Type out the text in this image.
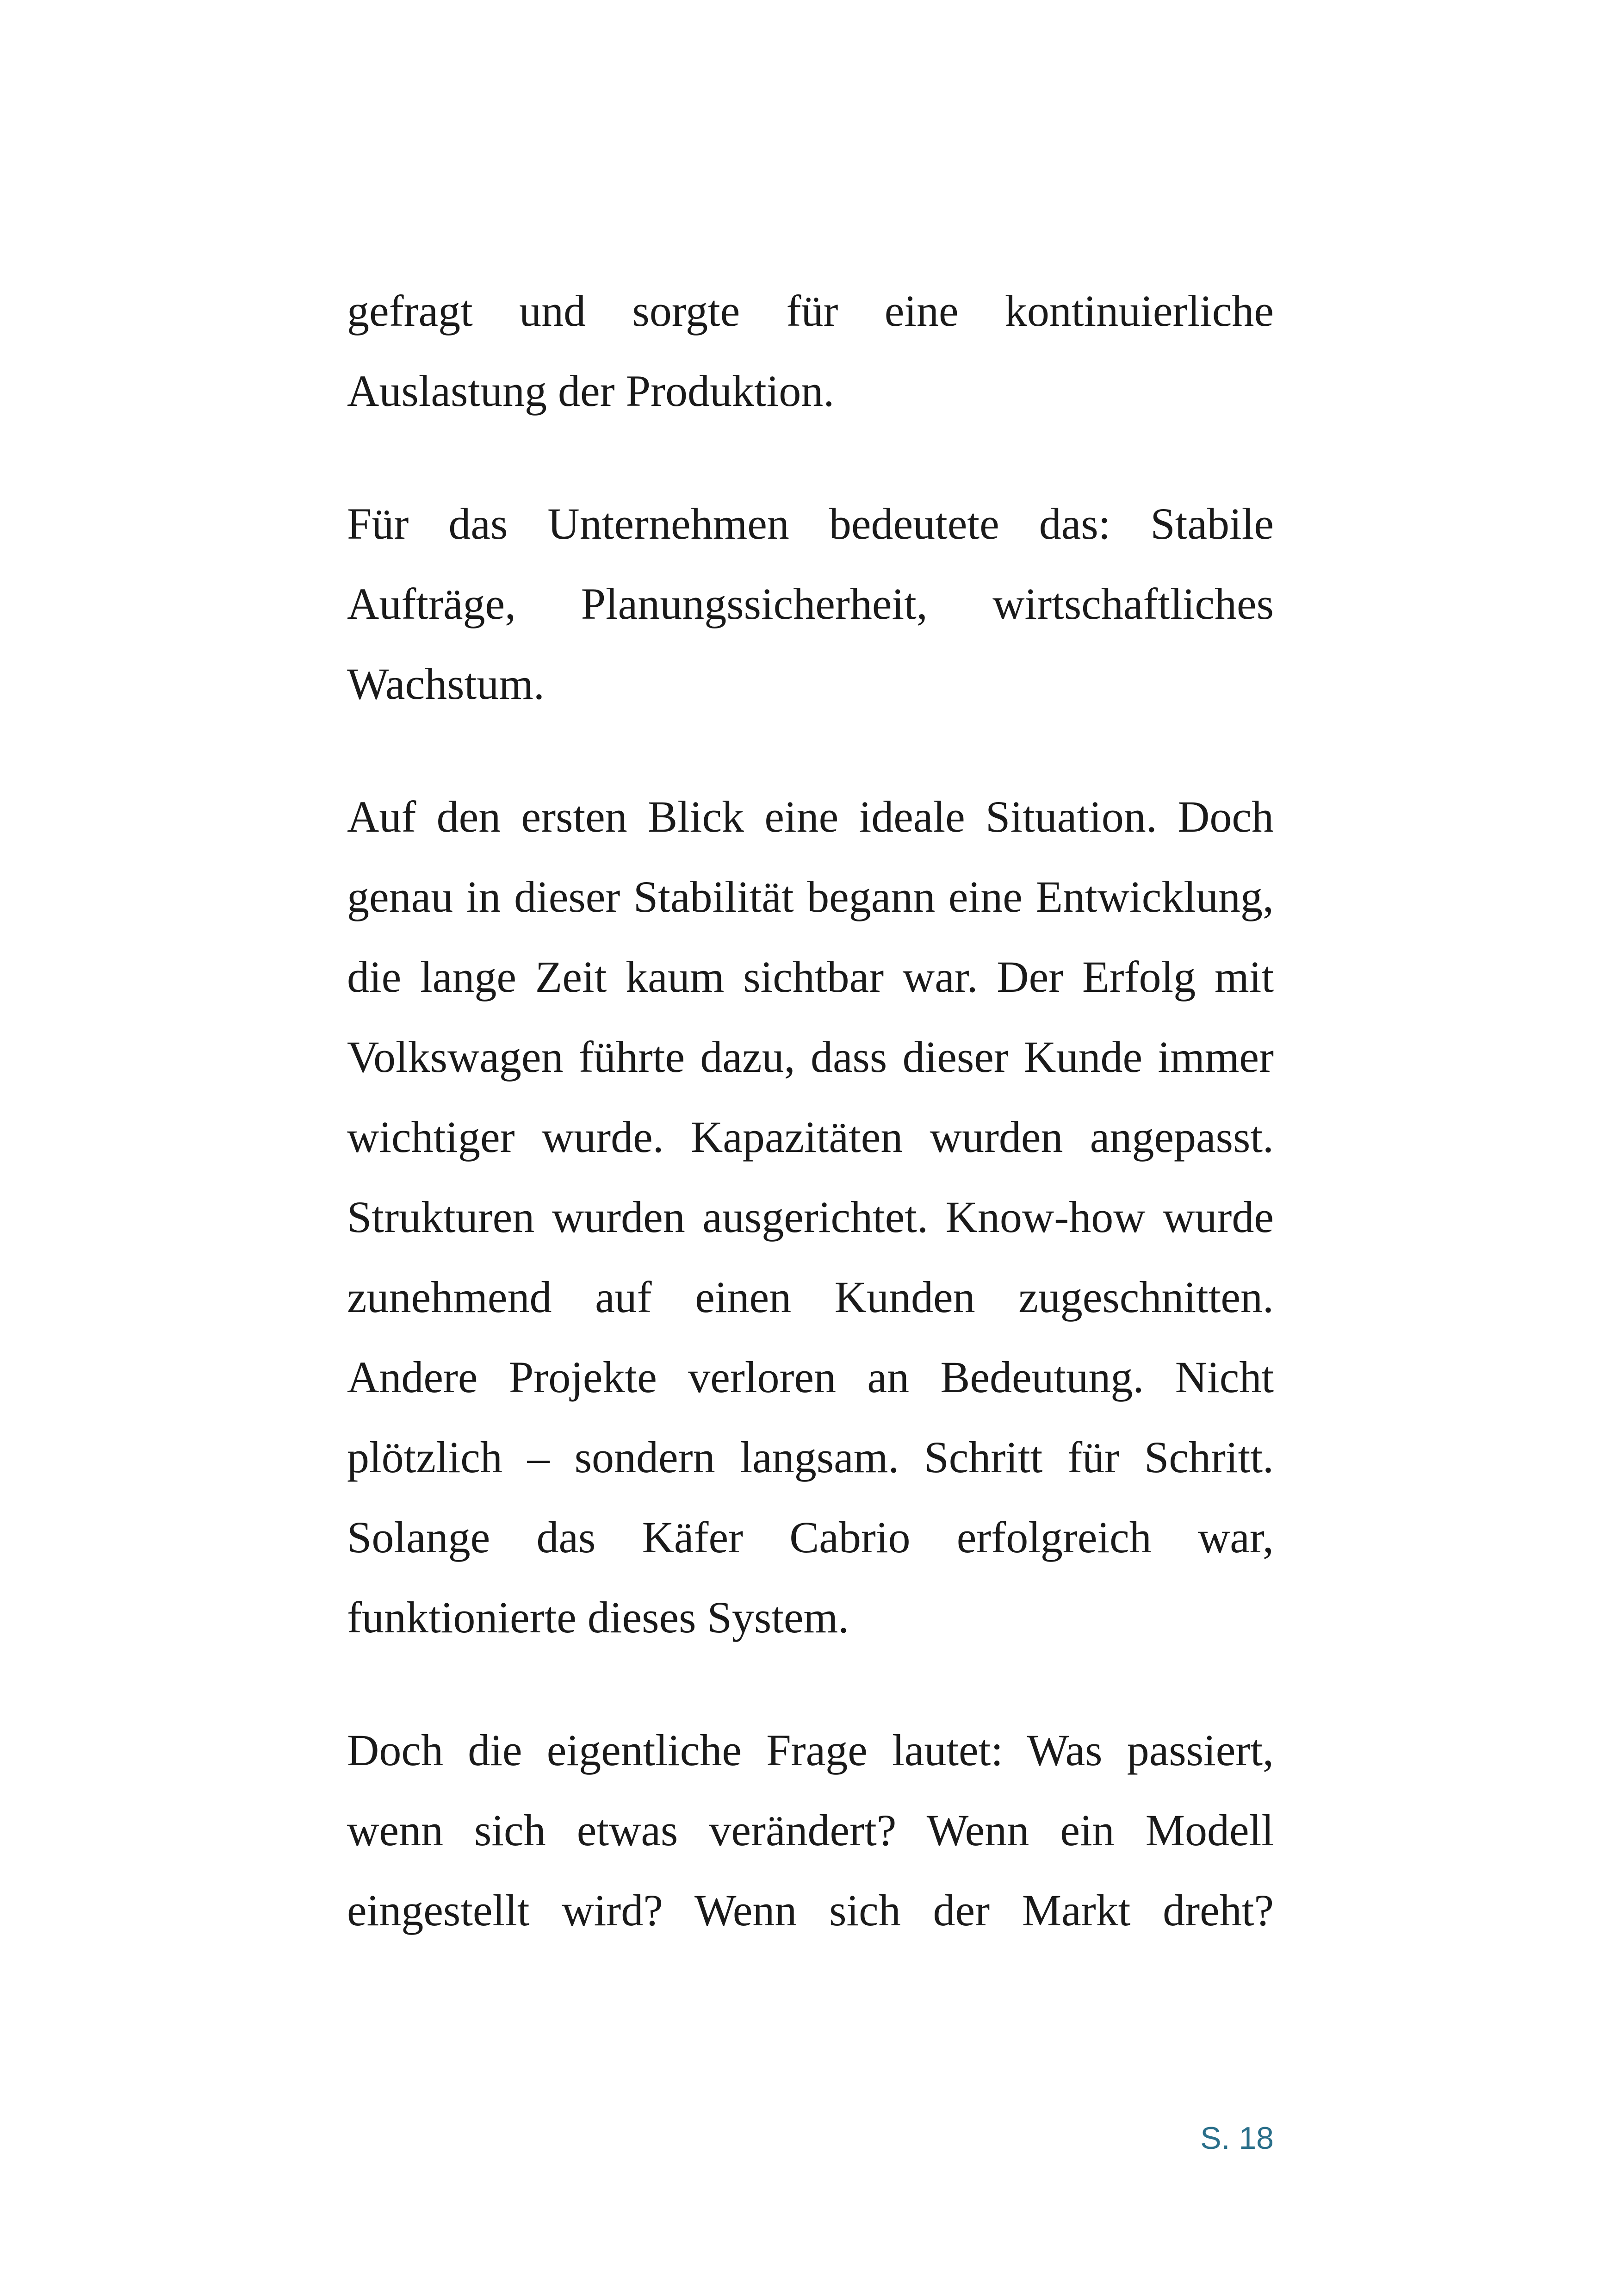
gefragt und sorgte für eine kontinuierliche Auslastung der Produktion.

Für das Unternehmen bedeutete das: Stabile Aufträge, Planungssicherheit, wirtschaftliches Wachstum.

Auf den ersten Blick eine ideale Situation. Doch genau in dieser Stabilität begann eine Entwicklung, die lange Zeit kaum sichtbar war. Der Erfolg mit Volkswagen führte dazu, dass dieser Kunde immer wichtiger wurde. Kapazitäten wurden angepasst. Strukturen wurden ausgerichtet. Know-how wurde zunehmend auf einen Kunden zugeschnitten. Andere Projekte verloren an Bedeutung. Nicht plötzlich – sondern langsam. Schritt für Schritt. Solange das Käfer Cabrio erfolgreich war, funktionierte dieses System.

Doch die eigentliche Frage lautet: Was passiert, wenn sich etwas verändert? Wenn ein Modell eingestellt wird? Wenn sich der Markt dreht?

S. 18
